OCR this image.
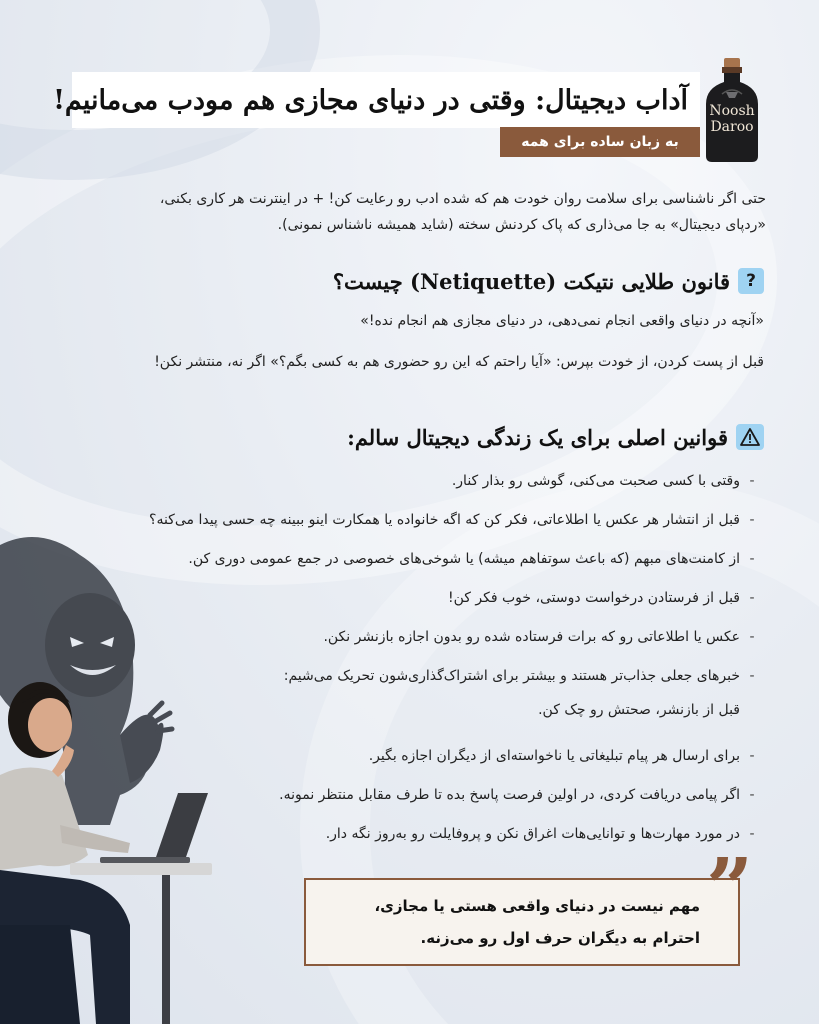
آداب دیجیتال: وقتی در دنیای مجازی هم مودب می‌مانیم!
به زبان ساده برای همه
Noosh
Daroo
حتی اگر ناشناسی برای سلامت روان خودت هم که شده ادب رو رعایت کن! + در اینترنت هر کاری بکنی،
«ردپای دیجیتال» به جا می‌ذاری که پاک کردنش سخته (شاید همیشه ناشناس نمونی).
?
قانون طلایی نتیکت (Netiquette) چیست؟
«آنچه در دنیای واقعی انجام نمی‌دهی، در دنیای مجازی هم انجام نده!»
قبل از پست کردن، از خودت بپرس: «آیا راحتم که این رو حضوری هم به کسی بگم؟» اگر نه، منتشر نکن!
قوانین اصلی برای یک زندگی دیجیتال سالم:
-وقتی با کسی صحبت می‌کنی، گوشی رو بذار کنار.
-قبل از انتشار هر عکس یا اطلاعاتی، فکر کن که اگه خانواده یا همکارت اینو ببینه چه حسی پیدا می‌کنه؟
-از کامنت‌های مبهم (که باعث سوتفاهم میشه) یا شوخی‌های خصوصی در جمع عمومی دوری کن.
-قبل از فرستادن درخواست دوستی، خوب فکر کن!
-عکس یا اطلاعاتی رو که برات فرستاده شده رو بدون اجازه بازنشر نکن.
-خبرهای جعلی جذاب‌تر هستند و بیشتر برای اشتراک‌گذاری‌شون تحریک می‌شیم:
قبل از بازنشر، صحتش رو چک کن.
-برای ارسال هر پیام تبلیغاتی یا ناخواسته‌ای از دیگران اجازه بگیر.
-اگر پیامی دریافت کردی، در اولین فرصت پاسخ بده تا طرف مقابل منتظر نمونه.
-در مورد مهارت‌ها و توانایی‌هات اغراق نکن و پروفایلت رو به‌روز نگه دار.
مهم نیست در دنیای واقعی هستی یا مجازی،
احترام به دیگران حرف اول رو می‌زنه.
”
